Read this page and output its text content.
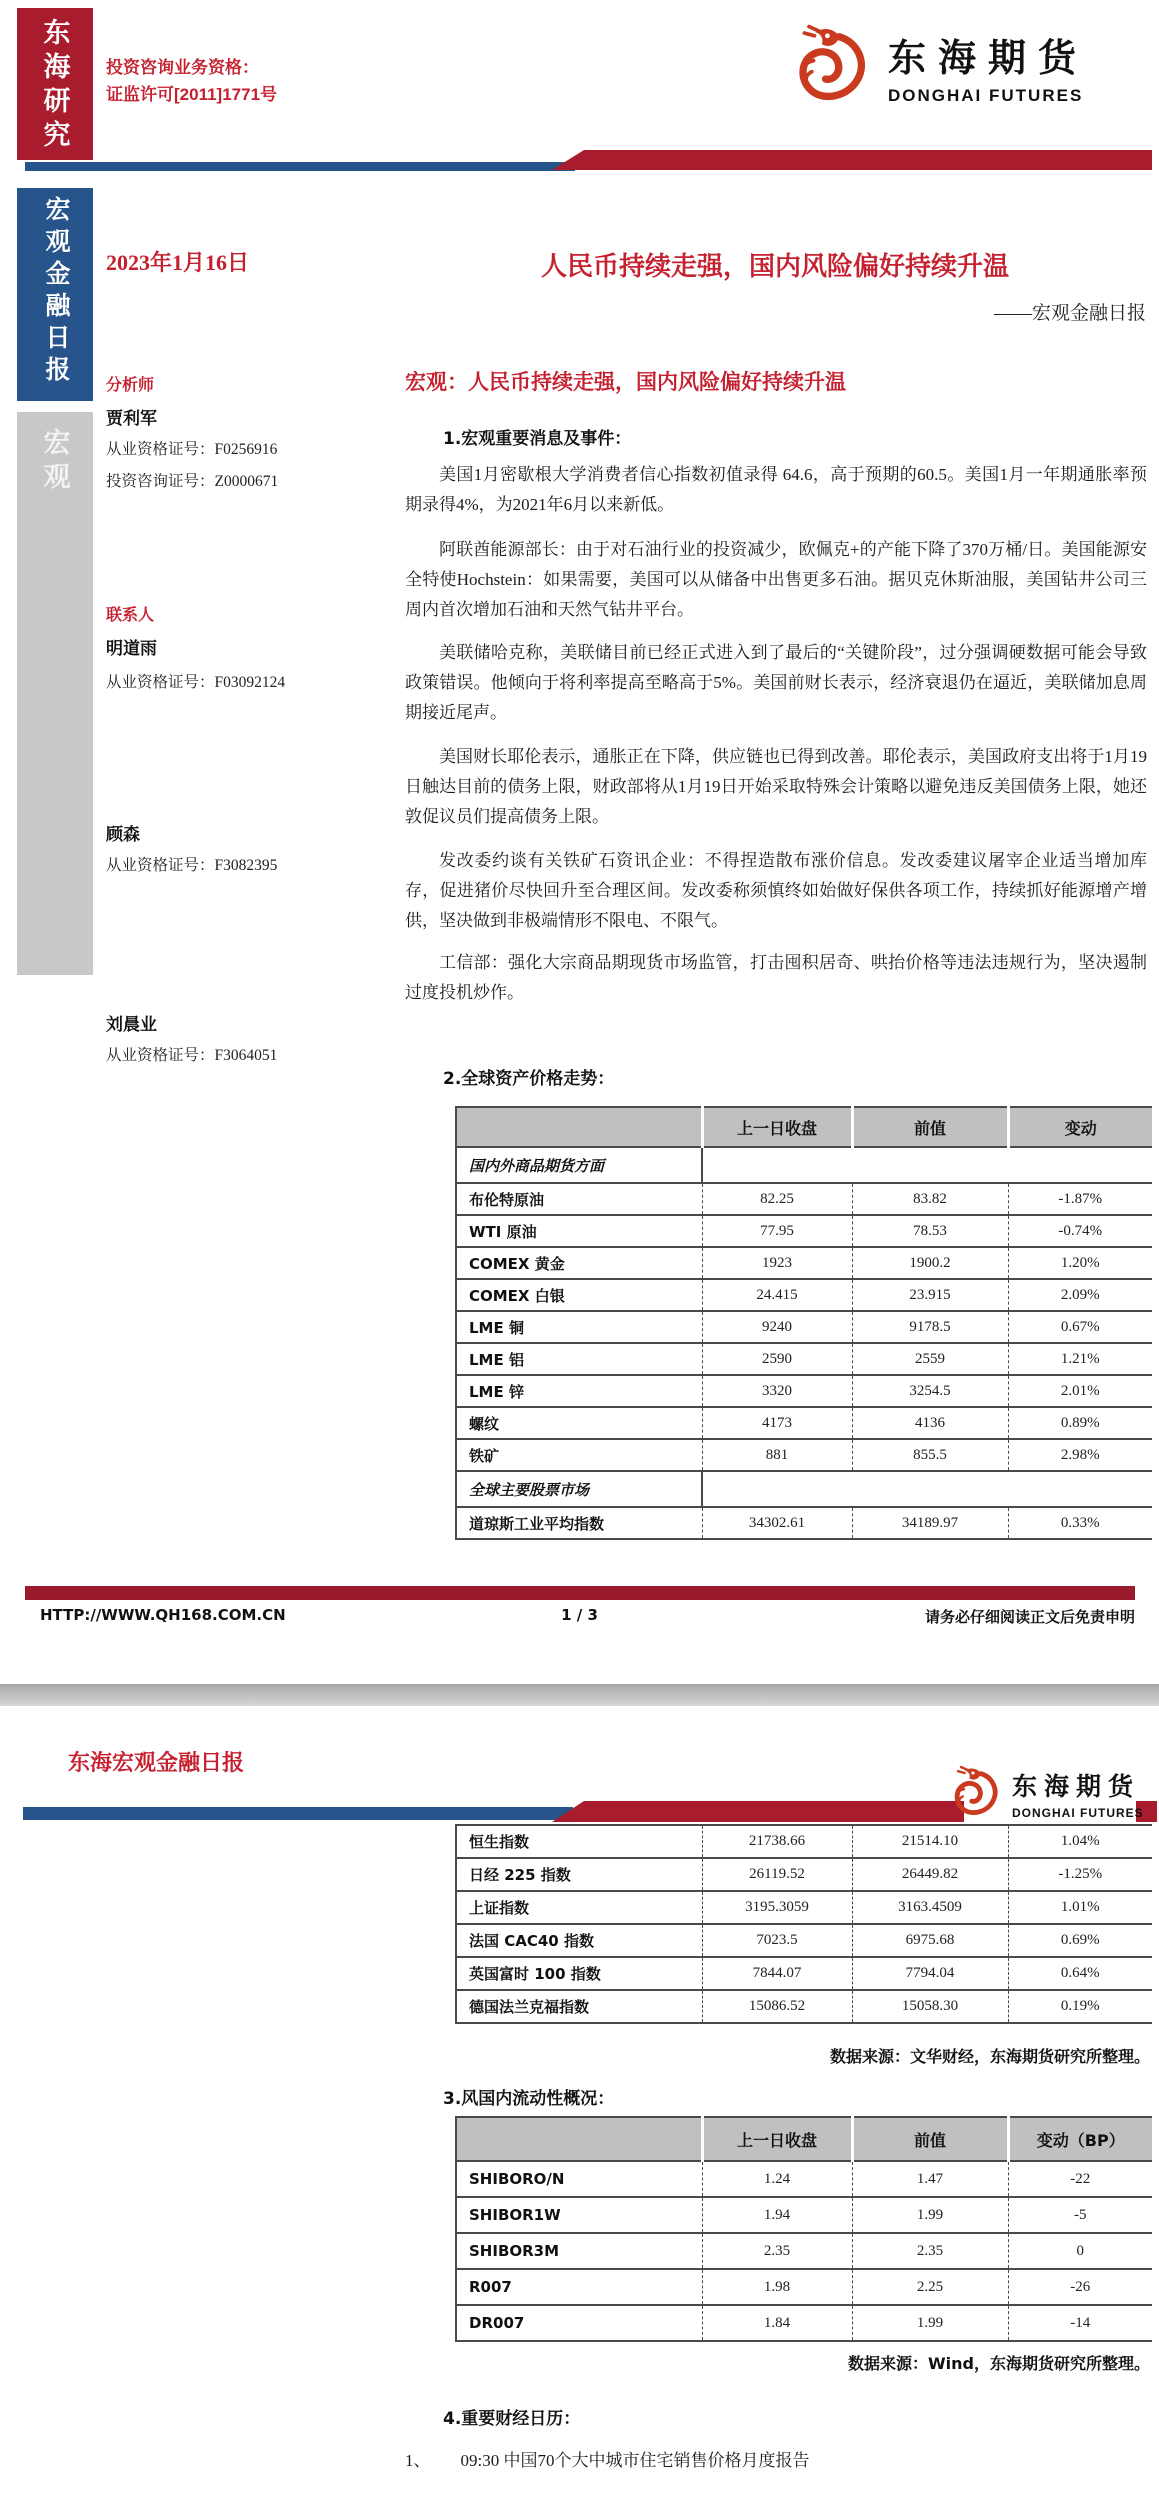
东海研究 投资咨询业务资格：
证监许可[2011]1771号
东海期货
DONGHAI FUTURES
宏观金融日报
宏观
2023年1月16日	人民币持续走强，国内风险偏好持续升温
——宏观金融日报
分析师
贾利军
从业资格证号：F0256916
投资咨询证号：Z0000671
联系人
明道雨
从业资格证号：F03092124
顾森
从业资格证号：F3082395
刘晨业
从业资格证号：F3064051
宏观：人民币持续走强，国内风险偏好持续升温
1.宏观重要消息及事件：
美国1月密歇根大学消费者信心指数初值录得 64.6，高于预期的60.5。美国1月一年期通胀率预期录得4%，为2021年6月以来新低。
阿联酋能源部长：由于对石油行业的投资减少，欧佩克+的产能下降了370万桶/日。美国能源安全特使Hochstein：如果需要，美国可以从储备中出售更多石油。据贝克休斯油服，美国钻井公司三周内首次增加石油和天然气钻井平台。
美联储哈克称，美联储目前已经正式进入到了最后的“关键阶段”，过分强调硬数据可能会导致政策错误。他倾向于将利率提高至略高于5%。美国前财长表示，经济衰退仍在逼近，美联储加息周期接近尾声。
美国财长耶伦表示，通胀正在下降，供应链也已得到改善。耶伦表示，美国政府支出将于1月19日触达目前的债务上限，财政部将从1月19日开始采取特殊会计策略以避免违反美国债务上限，她还敦促议员们提高债务上限。
发改委约谈有关铁矿石资讯企业：不得捏造散布涨价信息。发改委建议屠宰企业适当增加库存，促进猪价尽快回升至合理区间。发改委称须慎终如始做好保供各项工作，持续抓好能源增产增供，坚决做到非极端情形不限电、不限气。
工信部：强化大宗商品期现货市场监管，打击囤积居奇、哄抬价格等违法违规行为，坚决遏制过度投机炒作。
2.全球资产价格走势：
	上一日收盘	前值	变动
国内外商品期货方面			
布伦特原油	82.25	83.82	-1.87%
WTI 原油	77.95	78.53	-0.74%
COMEX 黄金	1923	1900.2	1.20%
COMEX 白银	24.415	23.915	2.09%
LME 铜	9240	9178.5	0.67%
LME 铝	2590	2559	1.21%
LME 锌	3320	3254.5	2.01%
螺纹	4173	4136	0.89%
铁矿	881	855.5	2.98%
全球主要股票市场			
道琼斯工业平均指数	34302.61	34189.97	0.33%
HTTP://WWW.QH168.COM.CN	1 / 3	请务必仔细阅读正文后免责申明
东海宏观金融日报
东海期货
DONGHAI FUTURES
恒生指数	21738.66	21514.10	1.04%
日经 225 指数	26119.52	26449.82	-1.25%
上证指数	3195.3059	3163.4509	1.01%
法国 CAC40 指数	7023.5	6975.68	0.69%
英国富时 100 指数	7844.07	7794.04	0.64%
德国法兰克福指数	15086.52	15058.30	0.19%
数据来源：文华财经，东海期货研究所整理。
3.风国内流动性概况：
	上一日收盘	前值	变动（BP）
SHIBORO/N	1.24	1.47	-22
SHIBOR1W	1.94	1.99	-5
SHIBOR3M	2.35	2.35	0
R007	1.98	2.25	-26
DR007	1.84	1.99	-14
数据来源：Wind，东海期货研究所整理。
4.重要财经日历：
1、 09:30 中国70个大中城市住宅销售价格月度报告
